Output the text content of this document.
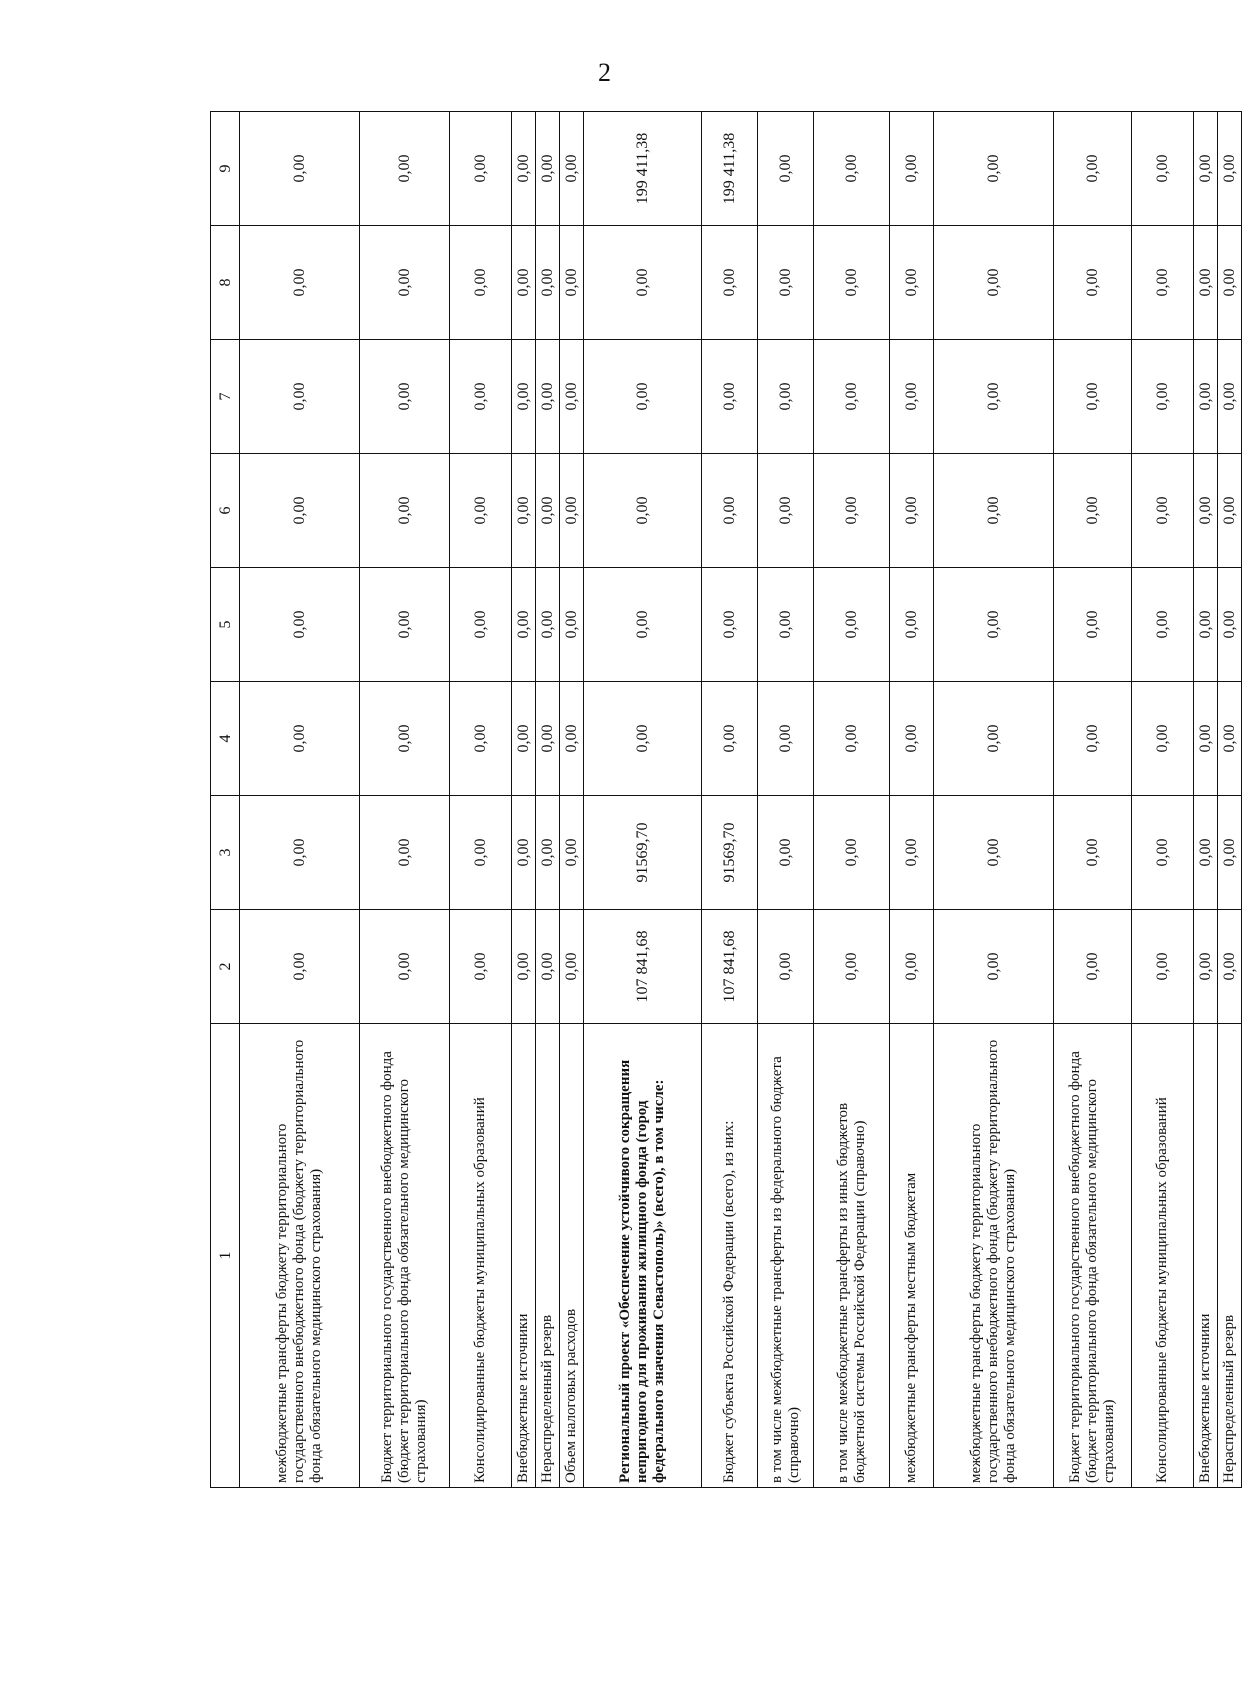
2
1	2	3	4	5	6	7	8	9
межбюджетные трансферты бюджету территориального государственного внебюджетного фонда (бюджету территориального фонда обязательного медицинского страхования)	0,00	0,00	0,00	0,00	0,00	0,00	0,00	0,00
Бюджет территориального государственного внебюджетного фонда (бюджет территориального фонда обязательного медицинского страхования)	0,00	0,00	0,00	0,00	0,00	0,00	0,00	0,00
Консолидированные бюджеты муниципальных образований	0,00	0,00	0,00	0,00	0,00	0,00	0,00	0,00
Внебюджетные источники	0,00	0,00	0,00	0,00	0,00	0,00	0,00	0,00
Нераспределенный резерв	0,00	0,00	0,00	0,00	0,00	0,00	0,00	0,00
Объем налоговых расходов	0,00	0,00	0,00	0,00	0,00	0,00	0,00	0,00
Региональный проект «Обеспечение устойчивого сокращения непригодного для проживания жилищного фонда (город федерального значения Севастополь)» (всего), в том числе:	107 841,68	91569,70	0,00	0,00	0,00	0,00	0,00	199 411,38
Бюджет субъекта Российской Федерации (всего), из них:	107 841,68	91569,70	0,00	0,00	0,00	0,00	0,00	199 411,38
в том числе межбюджетные трансферты из федерального бюджета (справочно)	0,00	0,00	0,00	0,00	0,00	0,00	0,00	0,00
в том числе межбюджетные трансферты из иных бюджетов бюджетной системы Российской Федерации (справочно)	0,00	0,00	0,00	0,00	0,00	0,00	0,00	0,00
межбюджетные трансферты местным бюджетам	0,00	0,00	0,00	0,00	0,00	0,00	0,00	0,00
межбюджетные трансферты бюджету территориального государственного внебюджетного фонда (бюджету территориального фонда обязательного медицинского страхования)	0,00	0,00	0,00	0,00	0,00	0,00	0,00	0,00
Бюджет территориального государственного внебюджетного фонда (бюджет территориального фонда обязательного медицинского страхования)	0,00	0,00	0,00	0,00	0,00	0,00	0,00	0,00
Консолидированные бюджеты муниципальных образований	0,00	0,00	0,00	0,00	0,00	0,00	0,00	0,00
Внебюджетные источники	0,00	0,00	0,00	0,00	0,00	0,00	0,00	0,00
Нераспределенный резерв	0,00	0,00	0,00	0,00	0,00	0,00	0,00	0,00
